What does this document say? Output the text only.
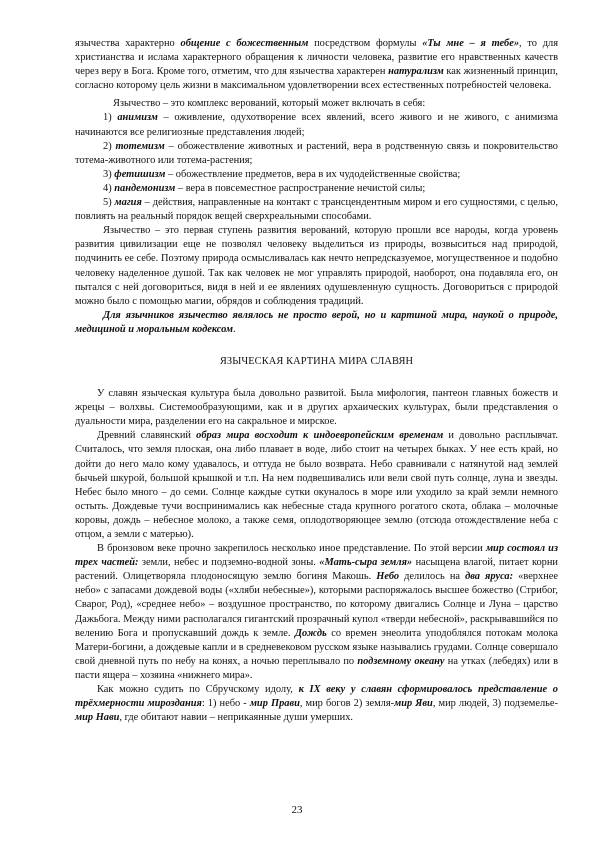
язычества характерно общение с божественным посредством формулы «Ты мне – я тебе», то для христианства и ислама характерного обращения к личности человека, развитие его нравственных качеств через веру в Бога. Кроме того, отметим, что для язычества характерен натурализм как жизненный принцип, согласно которому цель жизни в максимальном удовлетворении всех естественных потребностей человека.

Язычество – это комплекс верований, который может включать в себя:

1) анимизм – оживление, одухотворение всех явлений, всего живого и не живого, с анимизма начинаются все религиозные представления людей;

2) тотемизм – обожествление животных и растений, вера в родственную связь и покровительство тотема-животного или тотема-растения;

3) фетишизм – обожествление предметов, вера в их чудодейственные свойства;

4) пандемонизм – вера в повсеместное распространение нечистой силы;

5) магия – действия, направленные на контакт с трансцендентным миром и его сущностями, с целью, повлиять на реальный порядок вещей сверхреальными способами.

Язычество – это первая ступень развития верований, которую прошли все народы, когда уровень развития цивилизации еще не позволял человеку выделиться из природы, возвыситься над природой, подчинить ее себе. Поэтому природа осмысливалась как нечто непредсказуемое, могущественное и подобно человеку наделенное душой. Так как человек не мог управлять природой, наоборот, она подавляла его, он пытался с ней договориться, видя в ней и ее явлениях одушевленную сущность. Договориться с природой можно было с помощью магии, обрядов и соблюдения традиций.

Для язычников язычество являлось не просто верой, но и картиной мира, наукой о природе, медициной и моральным кодексом.

ЯЗЫЧЕСКАЯ КАРТИНА МИРА СЛАВЯН

У славян языческая культура была довольно развитой. Была мифология, пантеон главных божеств и жрецы – волхвы. Системообразующими, как и в других архаических культурах, были представления о дуальности мира, разделении его на сакральное и мирское.

Древний славянский образ мира восходит к индоевропейским временам и довольно расплывчат. Считалось, что земля плоская, она либо плавает в воде, либо стоит на четырех быках. У нее есть край, но дойти до него мало кому удавалось, и оттуда не было возврата. Небо сравнивали с натянутой над землей бычьей шкурой, большой крышкой и т.п. На нем подвешивались или вели свой путь солнце, луна и звезды. Небес было много – до семи. Солнце каждые сутки окуналось в море или уходило за край земли немного остыть. Дождевые тучи воспринимались как небесные стада крупного рогатого скота, облака – молочные коровы, дождь – небесное молоко, а также семя, оплодотворяющее землю (отсюда отождествление неба с отцом, а земли с матерью).

В бронзовом веке прочно закрепилось несколько иное представление. По этой версии мир состоял из трех частей: земли, небес и подземно-водной зоны. «Мать-сыра земля» насыщена влагой, питает корни растений. Олицетворяла плодоносящую землю богиня Макошь. Небо делилось на два яруса: «верхнее небо» с запасами дождевой воды («хляби небесные»), которыми распоряжалось высшее божество (Стрибог, Сварог, Род), «среднее небо» – воздушное пространство, по которому двигались Солнце и Луна – царство Дажьбога. Между ними располагался гигантский прозрачный купол «тверди небесной», раскрывавшийся по велению Бога и пропускавший дождь к земле. Дождь со времен энеолита уподоблялся потокам молока Матери-богини, а дождевые капли и в средневековом русском языке назывались грудами. Солнце совершало свой дневной путь по небу на конях, а ночью переплывало по подземному океану на утках (лебедях) или в пасти ящера – хозяина «нижнего мира».

Как можно судить по Сбручскому идолу, к IX веку у славян сформировалось представление о трёхмерности мироздания: 1) небо - мир Прави, мир богов 2) земля-мир Яви, мир людей, 3) подземелье-мир Нави, где обитают навии – неприкаянные души умерших.

23
